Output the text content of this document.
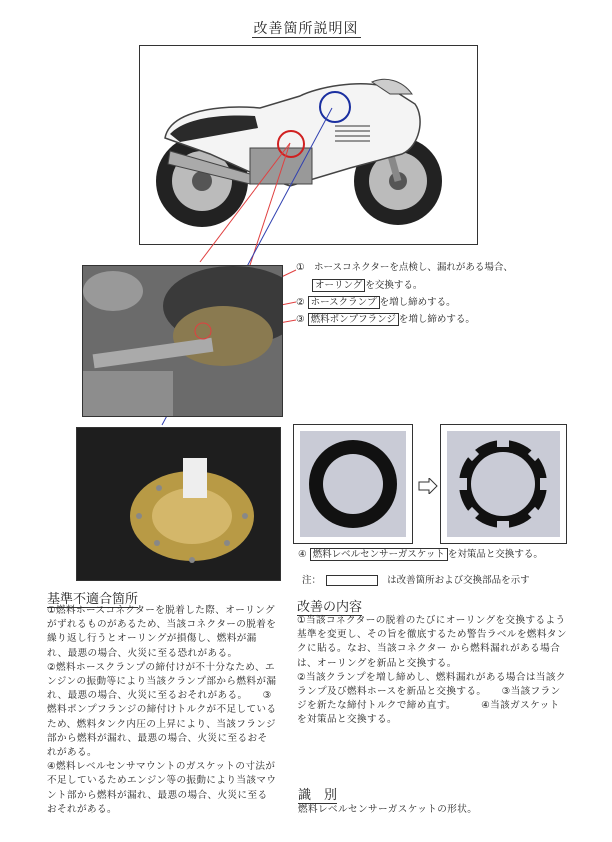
改善箇所説明図
①　 ホースコネクターを点検し、漏れがある場合、
オーリング を交換する。
② ホースクランプ を増し締めする。
③ 燃料ポンプフランジ を増し締めする。
④ 燃料レベルセンサーガスケット を対策品と交換する。
注：	は改善箇所および交換部品を示す
基準不適合箇所
①燃料ホースコネクターを脱着した際、オーリングがずれるものがあるため、当該コネクターの脱着を繰り返し行うとオーリングが損傷し、燃料が漏れ、最悪の場合、火災に至る恐れがある。
②燃料ホースクランプの締付けが不十分なため、エンジンの振動等により当該クランプ部から燃料が漏れ、最悪の場合、火災に至るおそれがある。　　③燃料ポンプフランジの締付けトルクが不足しているため、燃料タンク内圧の上昇により、当該フランジ部から燃料が漏れ、最悪の場合、火災に至るおそれがある。
④燃料レベルセンサマウントのガスケットの寸法が不足しているためエンジン等の振動により当該マウント部から燃料が漏れ、最悪の場合、火災に至るおそれがある。
改善の内容
①当該コネクターの脱着のたびにオーリングを交換するよう基準を変更し、その旨を徹底するため警告ラベルを燃料タンクに貼る。なお、当該コネクター から燃料漏れがある場合は、オーリングを新品と交換する。
②当該クランプを増し締めし、燃料漏れがある場合は当該クランプ及び燃料ホースを新品と交換する。　　③当該フランジを新たな締付トルクで締め直す。　　　④当該ガスケットを対策品と交換する。
識　別
燃料レベルセンサーガスケットの形状。
